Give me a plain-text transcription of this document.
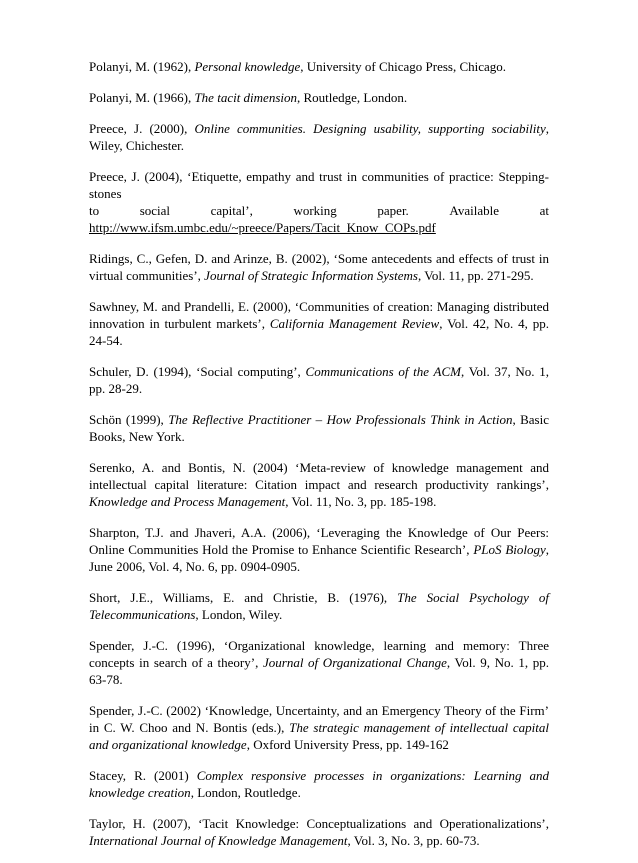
Polanyi, M. (1962), Personal knowledge, University of Chicago Press, Chicago.

Polanyi, M. (1966), The tacit dimension, Routledge, London.

Preece, J. (2000), Online communities. Designing usability, supporting sociability, Wiley, Chichester.

Preece, J. (2004), ‘Etiquette, empathy and trust in communities of practice: Stepping-stones
to	social	capital’,	working	paper.	Available	at
http://www.ifsm.umbc.edu/~preece/Papers/Tacit_Know_COPs.pdf

Ridings, C., Gefen, D. and Arinze, B. (2002), ‘Some antecedents and effects of trust in virtual communities’, Journal of Strategic Information Systems, Vol. 11, pp. 271-295.

Sawhney, M. and Prandelli, E. (2000), ‘Communities of creation: Managing distributed innovation in turbulent markets’, California Management Review, Vol. 42, No. 4, pp. 24-54.

Schuler, D. (1994), ‘Social computing’, Communications of the ACM, Vol. 37, No. 1, pp. 28-29.

Schön (1999), The Reflective Practitioner – How Professionals Think in Action, Basic Books, New York.

Serenko, A. and Bontis, N. (2004) ‘Meta-review of knowledge management and intellectual capital literature: Citation impact and research productivity rankings’, Knowledge and Process Management, Vol. 11, No. 3, pp. 185-198.

Sharpton, T.J. and Jhaveri, A.A. (2006), ‘Leveraging the Knowledge of Our Peers: Online Communities Hold the Promise to Enhance Scientific Research’, PLoS Biology, June 2006, Vol. 4, No. 6, pp. 0904-0905.

Short, J.E., Williams, E. and Christie, B. (1976), The Social Psychology of Telecommunications, London, Wiley.

Spender, J.-C. (1996), ‘Organizational knowledge, learning and memory: Three concepts in search of a theory’, Journal of Organizational Change, Vol. 9, No. 1, pp. 63-78.

Spender, J.-C. (2002) ‘Knowledge, Uncertainty, and an Emergency Theory of the Firm’ in C. W. Choo and N. Bontis (eds.), The strategic management of intellectual capital and organizational knowledge, Oxford University Press, pp. 149-162

Stacey, R. (2001) Complex responsive processes in organizations: Learning and knowledge creation, London, Routledge.

Taylor, H. (2007), ‘Tacit Knowledge: Conceptualizations and Operationalizations’, International Journal of Knowledge Management, Vol. 3, No. 3, pp. 60-73.
